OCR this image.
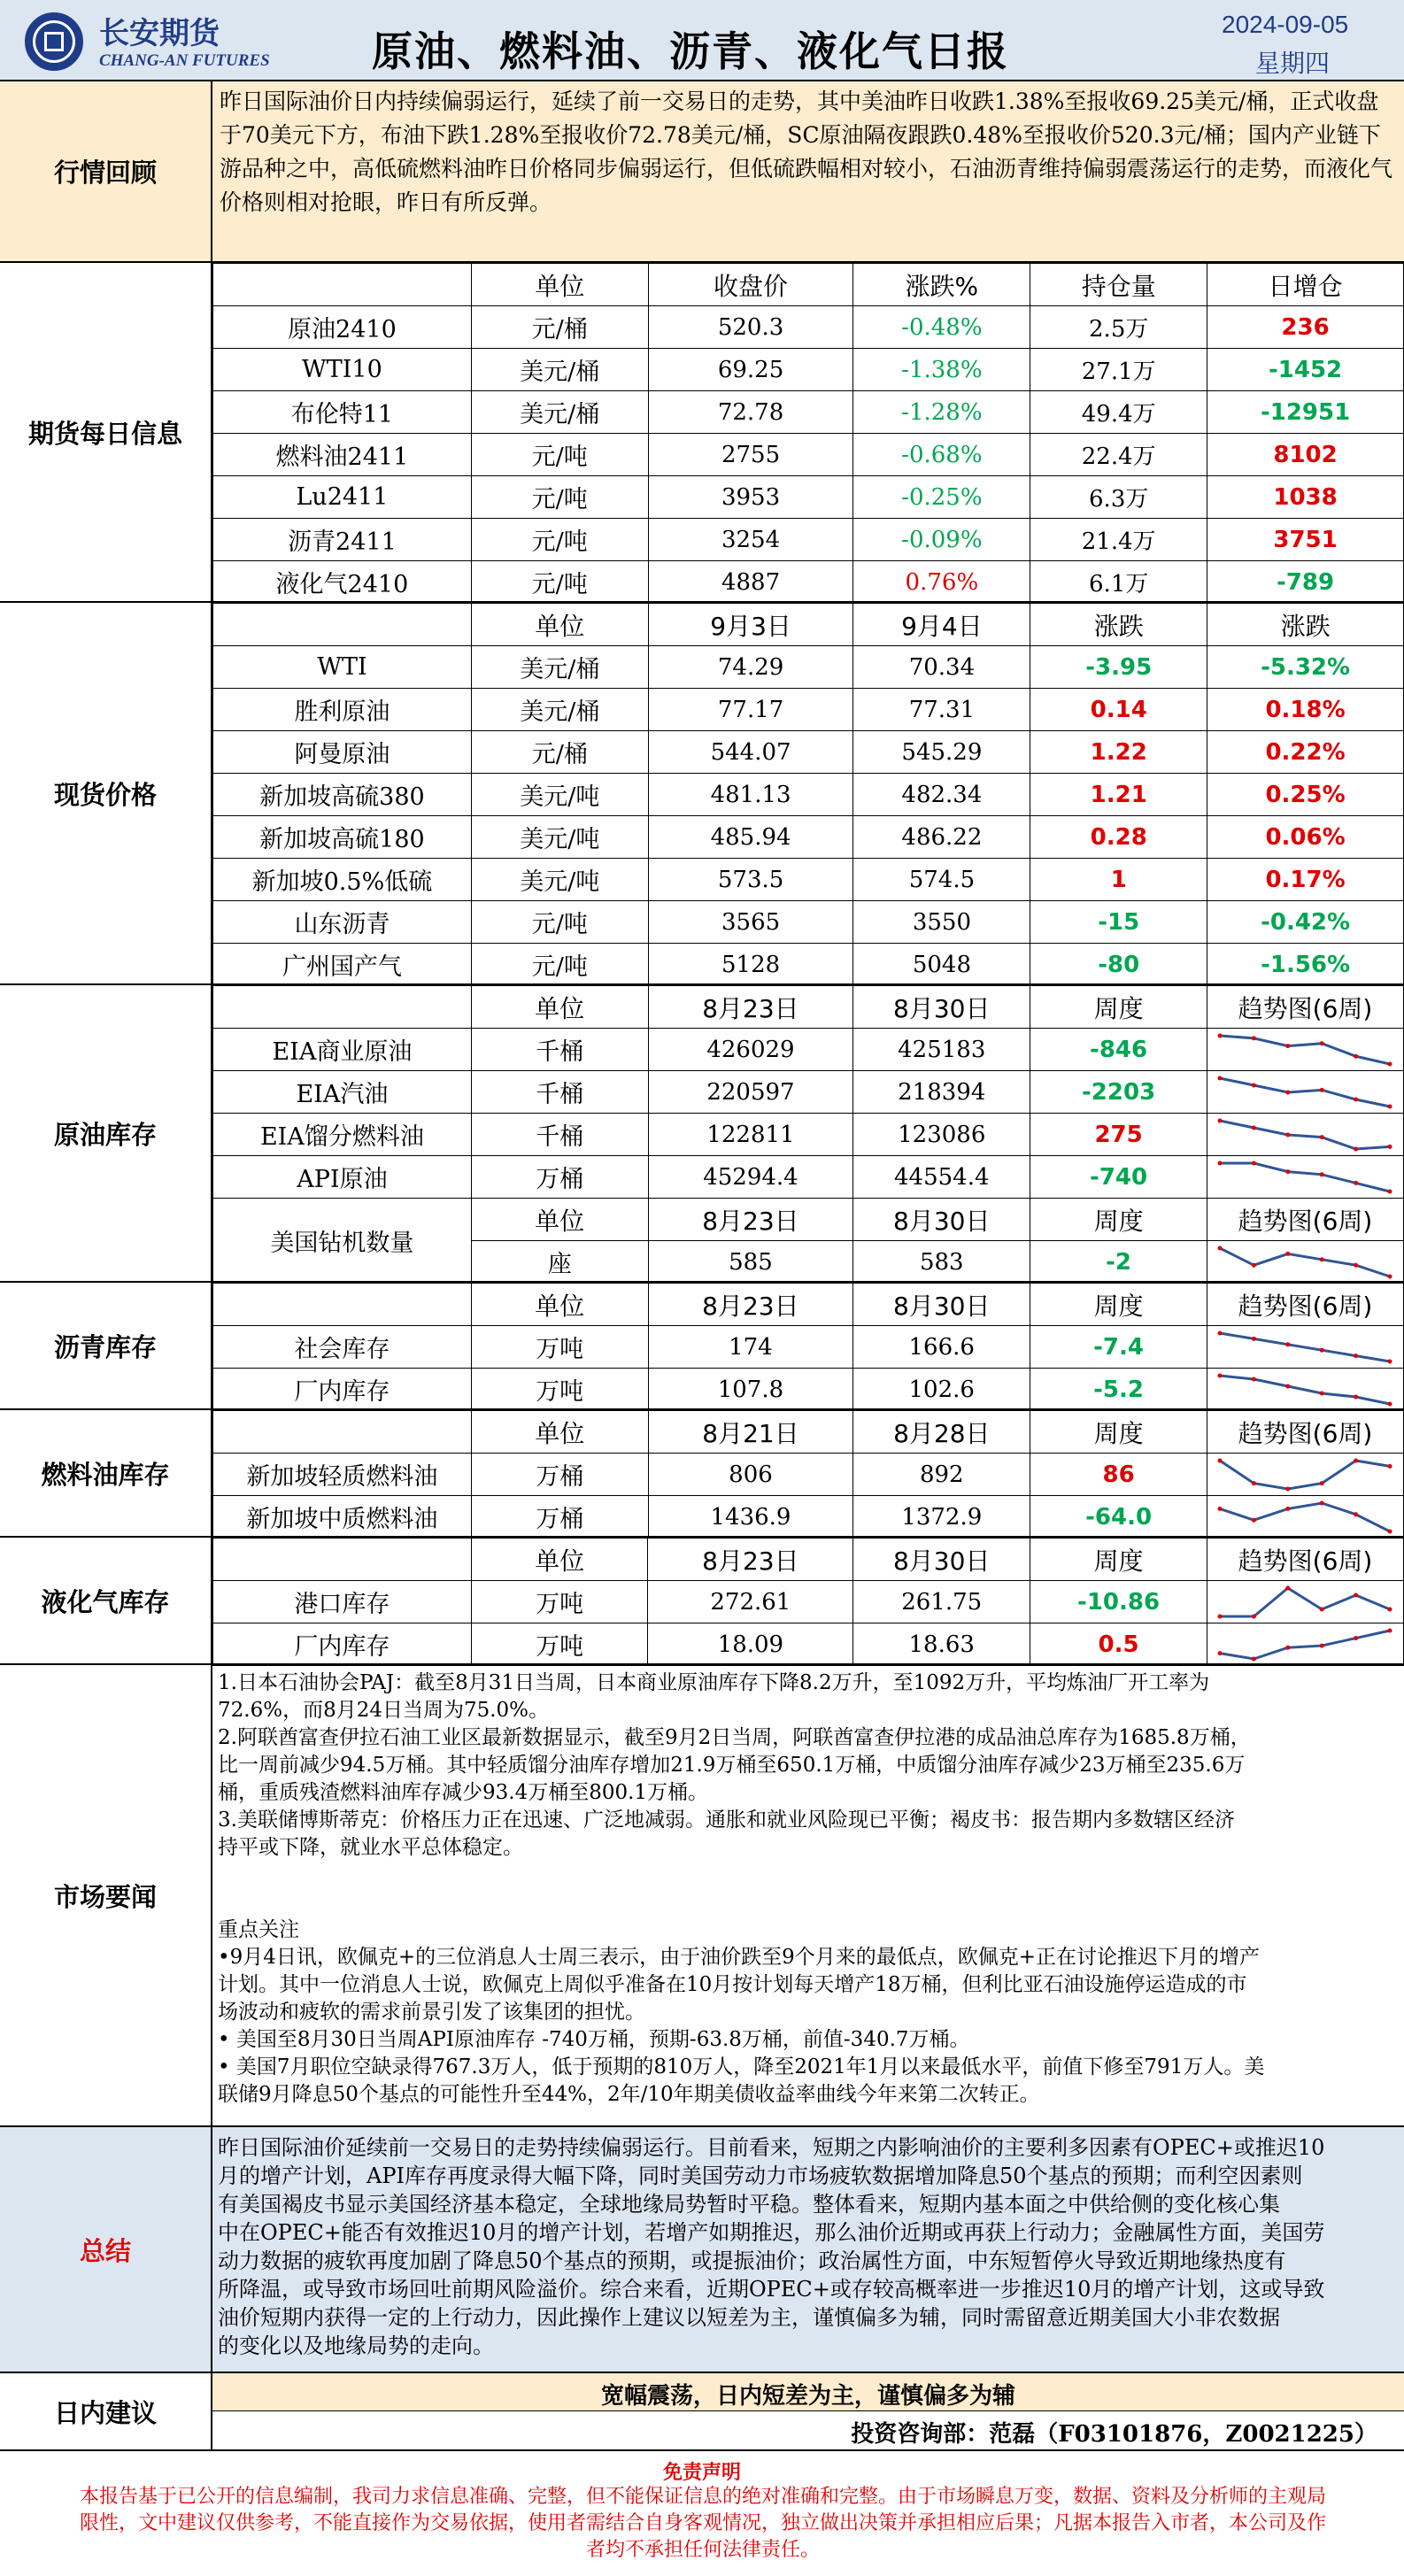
长安期货
CHANG-AN FUTURES	原油、燃料油、沥青、液化气日报
2024-09-05
星期四
行情回顾
昨日国际油价日内持续偏弱运行，延续了前一交易日的走势，其中美油昨日收跌1.38%至报收69.25美元/桶，正式收盘于70美元下方，布油下跌1.28%至报收价72.78美元/桶，SC原油隔夜跟跌0.48%至报收价520.3元/桶；国内产业链下游品种之中，高低硫燃料油昨日价格同步偏弱运行，但低硫跌幅相对较小，石油沥青维持偏弱震荡运行的走势，而液化气价格则相对抢眼，昨日有所反弹。
期货每日信息
	单位	收盘价	涨跌%	持仓量	日增仓
原油2410	元/桶	520.3	-0.48%	2.5万	236
WTI10	美元/桶	69.25	-1.38%	27.1万	-1452
布伦特11	美元/桶	72.78	-1.28%	49.4万	-12951
燃料油2411	元/吨	2755	-0.68%	22.4万	8102
Lu2411	元/吨	3953	-0.25%	6.3万	1038
沥青2411	元/吨	3254	-0.09%	21.4万	3751
液化气2410	元/吨	4887	0.76%	6.1万	-789
现货价格
	单位	9月3日	9月4日	涨跌	涨跌
WTI	美元/桶	74.29	70.34	-3.95	-5.32%
胜利原油	美元/桶	77.17	77.31	0.14	0.18%
阿曼原油	元/桶	544.07	545.29	1.22	0.22%
新加坡高硫380	美元/吨	481.13	482.34	1.21	0.25%
新加坡高硫180	美元/吨	485.94	486.22	0.28	0.06%
新加坡0.5%低硫	美元/吨	573.5	574.5	1	0.17%
山东沥青	元/吨	3565	3550	-15	-0.42%
广州国产气	元/吨	5128	5048	-80	-1.56%
原油库存
	单位	8月23日	8月30日	周度	趋势图(6周)
EIA商业原油	千桶	426029	425183	-846	

EIA汽油	千桶	220597	218394	-2203	

EIA馏分燃料油	千桶	122811	123086	275	

API原油	万桶	45294.4	44554.4	-740	

美国钻机数量	单位	8月23日	8月30日	周度	趋势图(6周)
	座	585	583	-2	
沥青库存
	单位	8月23日	8月30日	周度	趋势图(6周)
社会库存	万吨	174	166.6	-7.4	

厂内库存	万吨	107.8	102.6	-5.2	
燃料油库存
	单位	8月21日	8月28日	周度	趋势图(6周)
新加坡轻质燃料油	万桶	806	892	86	

新加坡中质燃料油	万桶	1436.9	1372.9	-64.0	
液化气库存
	单位	8月23日	8月30日	周度	趋势图(6周)
港口库存	万吨	272.61	261.75	-10.86	

厂内库存	万吨	18.09	18.63	0.5	
市场要闻
1.日本石油协会PAJ：截至8月31日当周，日本商业原油库存下降8.2万升，至1092万升，平均炼油厂开工率为
72.6%，而8月24日当周为75.0%。
2.阿联酋富查伊拉石油工业区最新数据显示，截至9月2日当周，阿联酋富查伊拉港的成品油总库存为1685.8万桶，
比一周前减少94.5万桶。其中轻质馏分油库存增加21.9万桶至650.1万桶，中质馏分油库存减少23万桶至235.6万
桶，重质残渣燃料油库存减少93.4万桶至800.1万桶。
3.美联储博斯蒂克：价格压力正在迅速、广泛地减弱。通胀和就业风险现已平衡；褐皮书：报告期内多数辖区经济
持平或下降，就业水平总体稳定。

重点关注
•9月4日讯，欧佩克+的三位消息人士周三表示，由于油价跌至9个月来的最低点，欧佩克+正在讨论推迟下月的增产
计划。其中一位消息人士说，欧佩克上周似乎准备在10月按计划每天增产18万桶，但利比亚石油设施停运造成的市
场波动和疲软的需求前景引发了该集团的担忧。
• 美国至8月30日当周API原油库存 -740万桶，预期-63.8万桶，前值-340.7万桶。
• 美国7月职位空缺录得767.3万人，低于预期的810万人，降至2021年1月以来最低水平，前值下修至791万人。美
联储9月降息50个基点的可能性升至44%，2年/10年期美债收益率曲线今年来第二次转正。
总结
昨日国际油价延续前一交易日的走势持续偏弱运行。目前看来，短期之内影响油价的主要利多因素有OPEC+或推迟10
月的增产计划，API库存再度录得大幅下降，同时美国劳动力市场疲软数据增加降息50个基点的预期；而利空因素则
有美国褐皮书显示美国经济基本稳定，全球地缘局势暂时平稳。整体看来，短期内基本面之中供给侧的变化核心集
中在OPEC+能否有效推迟10月的增产计划，若增产如期推迟，那么油价近期或再获上行动力；金融属性方面，美国劳
动力数据的疲软再度加剧了降息50个基点的预期，或提振油价；政治属性方面，中东短暂停火导致近期地缘热度有
所降温，或导致市场回吐前期风险溢价。综合来看，近期OPEC+或存较高概率进一步推迟10月的增产计划，这或导致
油价短期内获得一定的上行动力，因此操作上建议以短差为主，谨慎偏多为辅，同时需留意近期美国大小非农数据
的变化以及地缘局势的走向。
日内建议
宽幅震荡，日内短差为主，谨慎偏多为辅
投资咨询部：范磊（F03101876，Z0021225）
免责声明
本报告基于已公开的信息编制，我司力求信息准确、完整，但不能保证信息的绝对准确和完整。由于市场瞬息万变，数据、资料及分析师的主观局
限性，文中建议仅供参考，不能直接作为交易依据，使用者需结合自身客观情况，独立做出决策并承担相应后果；凡据本报告入市者，本公司及作
者均不承担任何法律责任。
